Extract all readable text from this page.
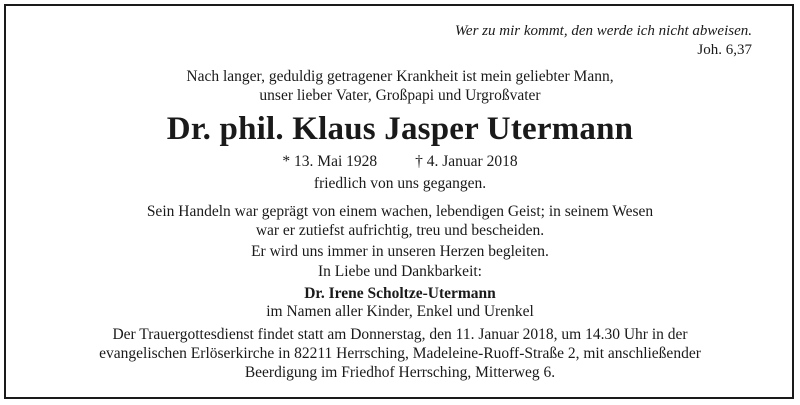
Wer zu mir kommt, den werde ich nicht abweisen.
Joh. 6,37
Nach langer, geduldig getragener Krankheit ist mein geliebter Mann,
unser lieber Vater, Großpapi und Urgroßvater
Dr. phil. Klaus Jasper Utermann
* 13. Mai 1928 † 4. Januar 2018
friedlich von uns gegangen.
Sein Handeln war geprägt von einem wachen, lebendigen Geist; in seinem Wesen
war er zutiefst aufrichtig, treu und bescheiden.
Er wird uns immer in unseren Herzen begleiten.
In Liebe und Dankbarkeit:
Dr. Irene Scholtze-Utermann
im Namen aller Kinder, Enkel und Urenkel
Der Trauergottesdienst findet statt am Donnerstag, den 11. Januar 2018, um 14.30 Uhr in der
evangelischen Erlöserkirche in 82211 Herrsching, Madeleine-Ruoff-Straße 2, mit anschließender
Beerdigung im Friedhof Herrsching, Mitterweg 6.
